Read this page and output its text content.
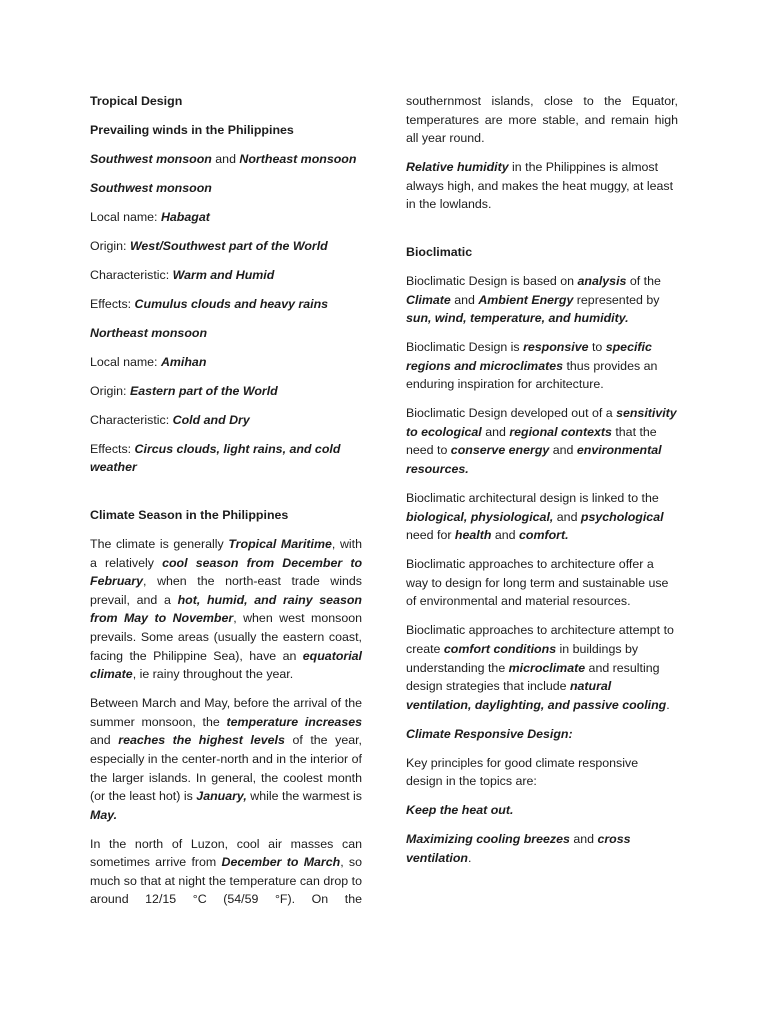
Tropical Design

Prevailing winds in the Philippines

Southwest monsoon and Northeast monsoon

Southwest monsoon

Local name: Habagat

Origin: West/Southwest part of the World

Characteristic: Warm and Humid

Effects: Cumulus clouds and heavy rains

Northeast monsoon

Local name: Amihan

Origin: Eastern part of the World

Characteristic: Cold and Dry

Effects: Circus clouds, light rains, and cold weather

Climate Season in the Philippines

The climate is generally Tropical Maritime, with a relatively cool season from December to February, when the north-east trade winds prevail, and a hot, humid, and rainy season from May to November, when west monsoon prevails. Some areas (usually the eastern coast, facing the Philippine Sea), have an equatorial climate, ie rainy throughout the year.

Between March and May, before the arrival of the summer monsoon, the temperature increases and reaches the highest levels of the year, especially in the center-north and in the interior of the larger islands. In general, the coolest month (or the least hot) is January, while the warmest is May.

In the north of Luzon, cool air masses can sometimes arrive from December to March, so much so that at night the temperature can drop to around 12/15 °C (54/59 °F). On the

southernmost islands, close to the Equator, temperatures are more stable, and remain high all year round.

Relative humidity in the Philippines is almost always high, and makes the heat muggy, at least in the lowlands.

Bioclimatic

Bioclimatic Design is based on analysis of the Climate and Ambient Energy represented by sun, wind, temperature, and humidity.

Bioclimatic Design is responsive to specific regions and microclimates thus provides an enduring inspiration for architecture.

Bioclimatic Design developed out of a sensitivity to ecological and regional contexts that the need to conserve energy and environmental resources.

Bioclimatic architectural design is linked to the biological, physiological, and psychological need for health and comfort.

Bioclimatic approaches to architecture offer a way to design for long term and sustainable use of environmental and material resources.

Bioclimatic approaches to architecture attempt to create comfort conditions in buildings by understanding the microclimate and resulting design strategies that include natural ventilation, daylighting, and passive cooling.

Climate Responsive Design:

Key principles for good climate responsive design in the topics are:

Keep the heat out.

Maximizing cooling breezes and cross ventilation.
